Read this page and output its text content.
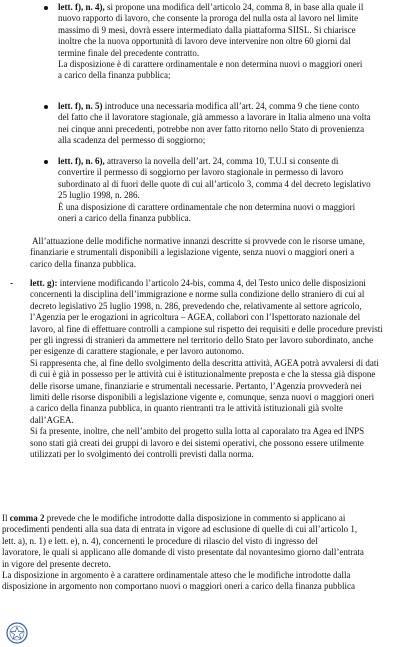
lett. f), n. 4), si propone una modifica dell’articolo 24, comma 8, in base alla quale il

nuovo rapporto di lavoro, che consente la proroga del nulla osta al lavoro nel limite

massimo di 9 mesi, dovrà essere intermediato dalla piattaforma SIISL. Si chiarisce

inoltre che la nuova opportunità di lavoro deve intervenire non oltre 60 giorni dal

termine finale del precedente contratto.

La disposizione è di carattere ordinamentale e non determina nuovi o maggiori oneri

a carico della finanza pubblica;

lett. f), n. 5) introduce una necessaria modifica all’art. 24, comma 9 che tiene conto

del fatto che il lavoratore stagionale, già ammesso a lavorare in Italia almeno una volta

nei cinque anni precedenti, potrebbe non aver fatto ritorno nello Stato di provenienza

alla scadenza del permesso di soggiorno;

lett. f), n. 6), attraverso la novella dell’art. 24, comma 10, T.U.I si consente di

convertire il permesso di soggiorno per lavoro stagionale in permesso di lavoro

subordinato al di fuori delle quote di cui all’articolo 3, comma 4 del decreto legislativo

25 luglio 1998, n. 286.

È una disposizione di carattere ordinamentale che non determina nuovi o maggiori

oneri a carico della finanza pubblica.

All’attuazione delle modifiche normative innanzi descritte si provvede con le risorse umane,

finanziarie e strumentali disponibili a legislazione vigente, senza nuovi o maggiori oneri a

carico della finanza pubblica.

- lett. g): interviene modificando l’articolo 24-bis, comma 4, del Testo unico delle disposizioni

concernenti la disciplina dell’immigrazione e norme sulla condizione dello straniero di cui al

decreto legislativo 25 luglio 1998, n. 286, prevedendo che, relativamente al settore agricolo,

l’Agenzia per le erogazioni in agricoltura – AGEA, collabori con l’Ispettorato nazionale del

lavoro, al fine di effettuare controlli a campione sul rispetto dei requisiti e delle procedure previsti

per gli ingressi di stranieri da ammettere nel territorio dello Stato per lavoro subordinato, anche

per esigenze di carattere stagionale, e per lavoro autonomo.

Si rappresenta che, al fine dello svolgimento della descritta attività, AGEA potrà avvalersi di dati

di cui è già in possesso per le attività cui è istituzionalmente preposta e che la stessa già dispone

delle risorse umane, finanziarie e strumentali necessarie. Pertanto, l’Agenzia provvederà nei

limiti delle risorse disponibili a legislazione vigente e, comunque, senza nuovi o maggiori oneri

a carico della finanza pubblica, in quanto rientranti tra le attività istituzionali già svolte

dall’AGEA.

Si fa presente, inoltre, che nell’ambito del progetto sulla lotta al caporalato tra Agea ed INPS

sono stati già creati dei gruppi di lavoro e dei sistemi operativi, che possono essere utilmente

utilizzati per lo svolgimento dei controlli previsti dalla norma.

Il comma 2 prevede che le modifiche introdotte dalla disposizione in commento si applicano ai

procedimenti pendenti alla sua data di entrata in vigore ad esclusione di quelle di cui all’articolo 1,

lett. a), n. 1) e lett. e), n. 4), concernenti le procedure di rilascio del visto di ingresso del

lavoratore, le quali si applicano alle domande di visto presentate dal novantesimo giorno dall’entrata

in vigore del presente decreto.

La disposizione in argomento è a carattere ordinamentale atteso che le modifiche introdotte dalla

disposizione in argomento non comportano nuovi o maggiori oneri a carico della finanza pubblica
